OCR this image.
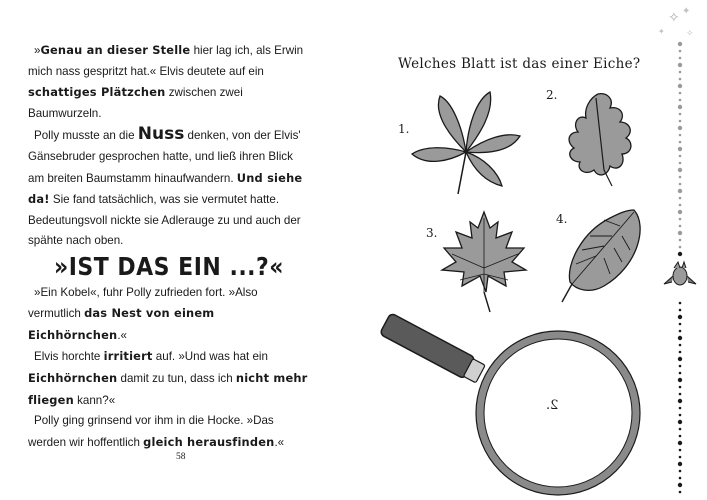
»Genau an dieser Stelle hier lag ich, als Erwin mich nass gespritzt hat.« Elvis deutete auf ein schattiges Plätzchen zwischen zwei Baumwurzeln.

Polly musste an die Nuss denken, von der Elvis' Gänsebruder gesprochen hatte, und ließ ihren Blick am breiten Baumstamm hinaufwandern. Und siehe da! Sie fand tatsächlich, was sie vermutet hatte. Bedeutungsvoll nickte sie Adlerauge zu und auch der spähte nach oben.

»IST DAS EIN ...?«

»Ein Kobel«, fuhr Polly zufrieden fort. »Also vermutlich das Nest von einem Eichhörnchen.«

Elvis horchte irritiert auf. »Und was hat ein Eichhörnchen damit zu tun, dass ich nicht mehr fliegen kann?«

Polly ging grinsend vor ihm in die Hocke. »Das werden wir hoffentlich gleich herausfinden.«

58
Welches Blatt ist das einer Eiche?
1.
2.
3.
4.
2.
✧ ✦
✦ ✧
